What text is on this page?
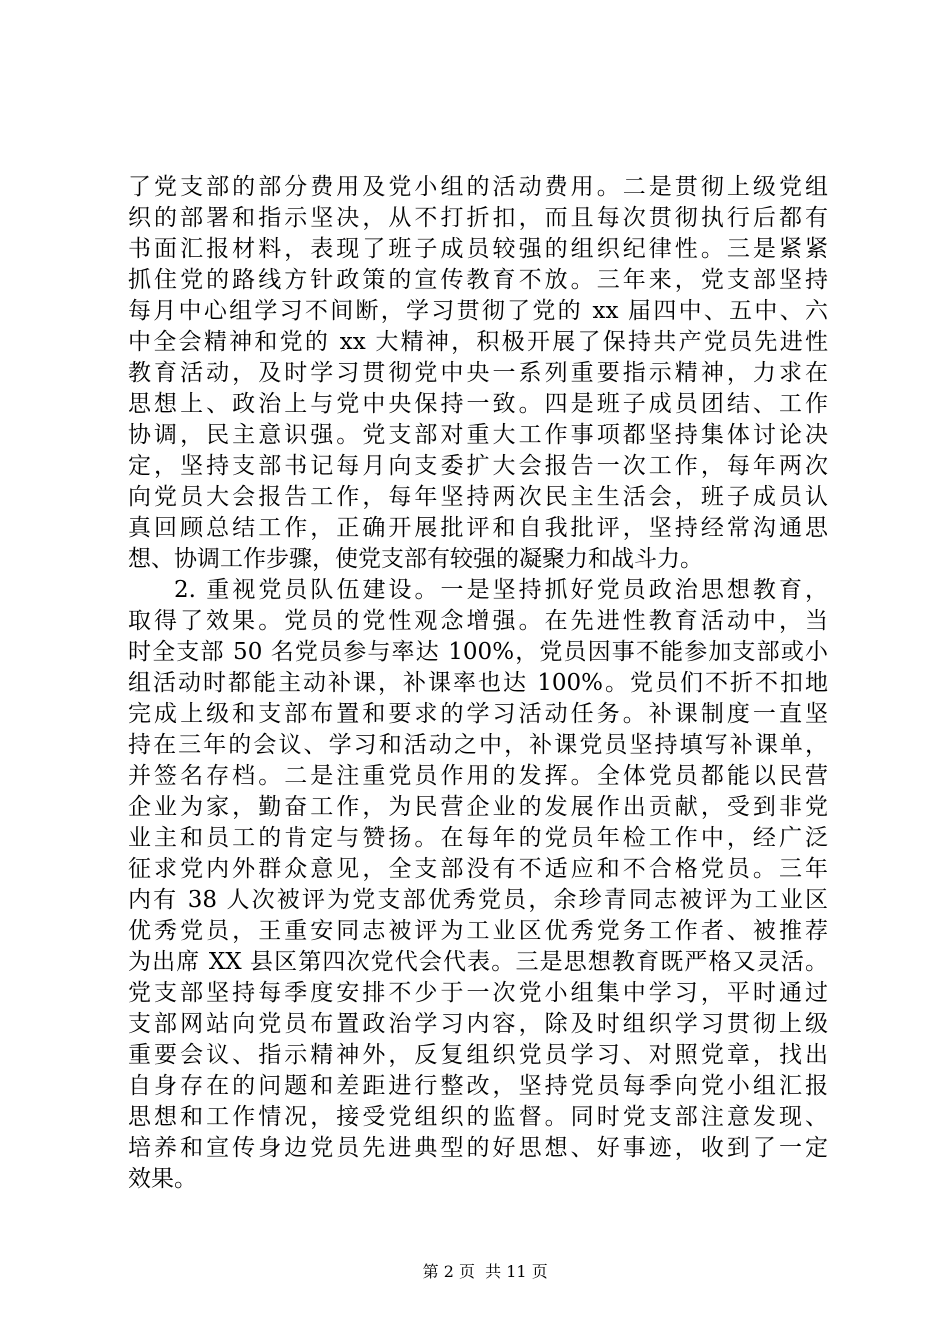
了党支部的部分费用及党小组的活动费用。二是贯彻上级党组
织的部署和指示坚决，从不打折扣，而且每次贯彻执行后都有
书面汇报材料，表现了班子成员较强的组织纪律性。三是紧紧
抓住党的路线方针政策的宣传教育不放。三年来，党支部坚持
每月中心组学习不间断，学习贯彻了党的 xx 届四中、五中、六
中全会精神和党的 xx 大精神，积极开展了保持共产党员先进性
教育活动，及时学习贯彻党中央一系列重要指示精神，力求在
思想上、政治上与党中央保持一致。四是班子成员团结、工作
协调，民主意识强。党支部对重大工作事项都坚持集体讨论决
定，坚持支部书记每月向支委扩大会报告一次工作，每年两次
向党员大会报告工作，每年坚持两次民主生活会，班子成员认
真回顾总结工作，正确开展批评和自我批评，坚持经常沟通思
想、协调工作步骤，使党支部有较强的凝聚力和战斗力。
2. 重视党员队伍建设。一是坚持抓好党员政治思想教育，
取得了效果。党员的党性观念增强。在先进性教育活动中，当
时全支部 50 名党员参与率达 100%，党员因事不能参加支部或小
组活动时都能主动补课，补课率也达 100%。党员们不折不扣地
完成上级和支部布置和要求的学习活动任务。补课制度一直坚
持在三年的会议、学习和活动之中，补课党员坚持填写补课单，
并签名存档。二是注重党员作用的发挥。全体党员都能以民营
企业为家，勤奋工作，为民营企业的发展作出贡献，受到非党
业主和员工的肯定与赞扬。在每年的党员年检工作中，经广泛
征求党内外群众意见，全支部没有不适应和不合格党员。三年
内有 38 人次被评为党支部优秀党员，余珍青同志被评为工业区
优秀党员，王重安同志被评为工业区优秀党务工作者、被推荐
为出席 XX 县区第四次党代会代表。三是思想教育既严格又灵活。
党支部坚持每季度安排不少于一次党小组集中学习，平时通过
支部网站向党员布置政治学习内容，除及时组织学习贯彻上级
重要会议、指示精神外，反复组织党员学习、对照党章，找出
自身存在的问题和差距进行整改，坚持党员每季向党小组汇报
思想和工作情况，接受党组织的监督。同时党支部注意发现、
培养和宣传身边党员先进典型的好思想、好事迹，收到了一定
效果。

第 2 页  共 11 页
